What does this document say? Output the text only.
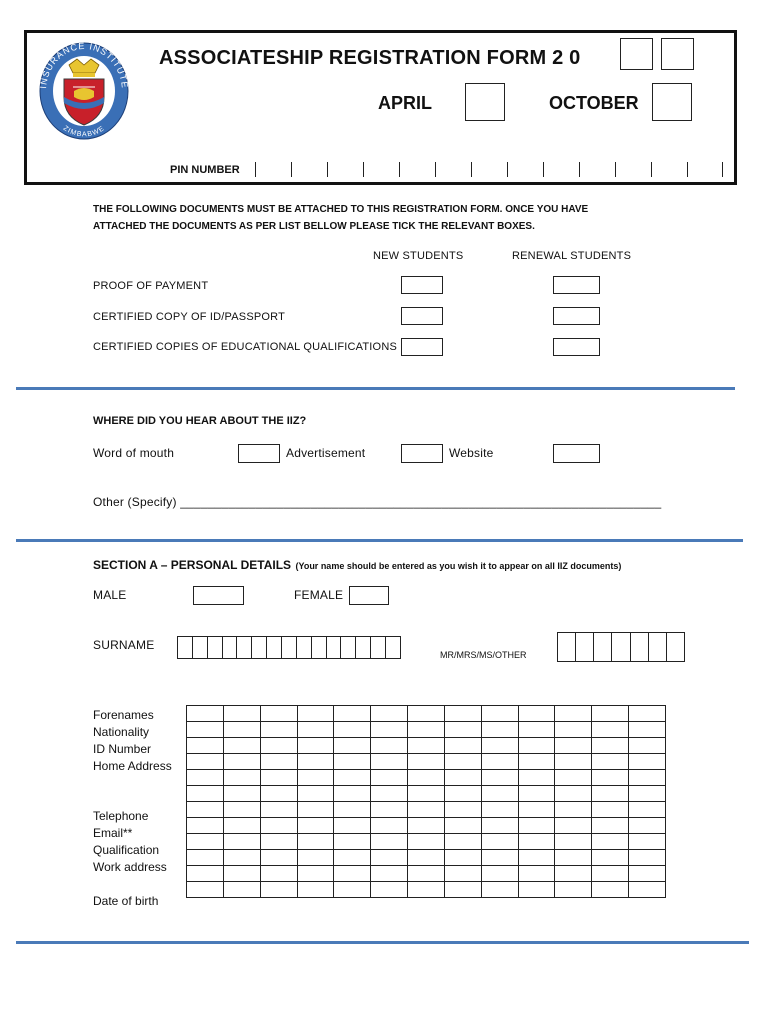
INSURANCE INSTITUTE
ZIMBABWE
ASSOCIATESHIP REGISTRATION FORM 2 0
APRIL	OCTOBER
PIN NUMBER
THE FOLLOWING DOCUMENTS MUST BE ATTACHED TO THIS REGISTRATION FORM. ONCE YOU HAVE
ATTACHED THE DOCUMENTS AS PER LIST BELLOW PLEASE TICK THE RELEVANT BOXES.
NEW STUDENTS	RENEWAL STUDENTS
PROOF OF PAYMENT
CERTIFIED COPY OF ID/PASSPORT
CERTIFIED COPIES OF EDUCATIONAL QUALIFICATIONS
WHERE DID YOU HEAR ABOUT THE IIZ?
Word of mouth	Advertisement	Website
Other (Specify) ______________________________________________________________________
SECTION A – PERSONAL DETAILS (Your name should be entered as you wish it to appear on all IIZ documents)
MALE	FEMALE
SURNAME
MR/MRS/MS/OTHER
Forenames
Nationality
ID Number
Home Address
Telephone
Email**
Qualification
Work address
Date of birth
